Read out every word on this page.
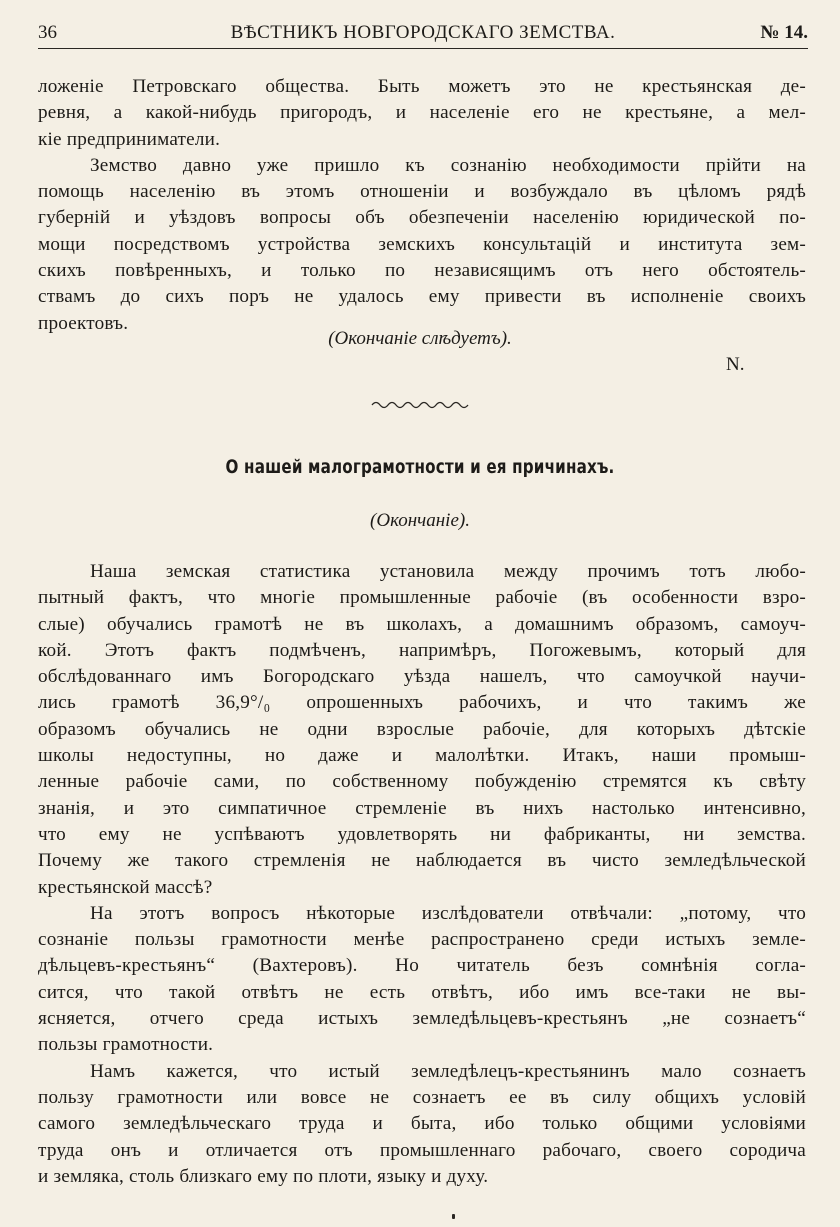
36	ВѢСТНИКЪ НОВГОРОДСКАГО ЗЕМСТВА.	№ 14.
ложенiе Петровскаго общества. Быть можетъ это не крестьянская де-
ревня, а какой-нибудь пригородъ, и населенiе его не крестьяне, а мел-
кiе предприниматели.
Земство давно уже пришло къ сознанiю необходимости прiйти на
помощь населенiю въ этомъ отношенiи и возбуждало въ цѣломъ рядѣ
губернiй и уѣздовъ вопросы объ обезпеченiи населенiю юридической по-
мощи посредствомъ устройства земскихъ консультацiй и института зем-
скихъ повѣренныхъ, и только по независящимъ отъ него обстоятель-
ствамъ до сихъ поръ не удалось ему привести въ исполненiе своихъ
проектовъ.
(Окончанiе слѣдуетъ).
N.
О нашей малограмотности и ея причинахъ.
(Окончанiе).
Наша земская статистика установила между прочимъ тотъ любо-
пытный фактъ, что многiе промышленные рабочiе (въ особенности взро-
слые) обучались грамотѣ не въ школахъ, а домашнимъ образомъ, самоуч-
кой. Этотъ фактъ подмѣченъ, напримѣръ, Погожевымъ, который для
обслѣдованнаго имъ Богородскаго уѣзда нашелъ, что самоучкой научи-
лись грамотѣ 36,9°/₀ опрошенныхъ рабочихъ, и что такимъ же
образомъ обучались не одни взрослые рабочiе, для которыхъ дѣтскiе
школы недоступны, но даже и малолѣтки. Итакъ, наши промыш-
ленные рабочiе сами, по собственному побужденiю стремятся къ свѣту
знанiя, и это симпатичное стремленiе въ нихъ настолько интенсивно,
что ему не успѣваютъ удовлетворять ни фабриканты, ни земства.
Почему же такого стремленiя не наблюдается въ чисто земледѣльческой
крестьянской массѣ?
На этотъ вопросъ нѣкоторые изслѣдователи отвѣчали: „потому, что
сознанiе пользы грамотности менѣе распространено среди истыхъ земле-
дѣльцевъ-крестьянъ“ (Вахтеровъ). Но читатель безъ сомнѣнiя согла-
сится, что такой отвѣтъ не есть отвѣтъ, ибо имъ все-таки не вы-
ясняется, отчего среда истыхъ земледѣльцевъ-крестьянъ „не сознаетъ“
пользы грамотности.
Намъ кажется, что истый земледѣлецъ-крестьянинъ мало сознаетъ
пользу грамотности или вовсе не сознаетъ ее въ силу общихъ условiй
самого земледѣльческаго труда и быта, ибо только общими условiями
труда онъ и отличается отъ промышленнаго рабочаго, своего сородича
и земляка, столь близкаго ему по плоти, языку и духу.
